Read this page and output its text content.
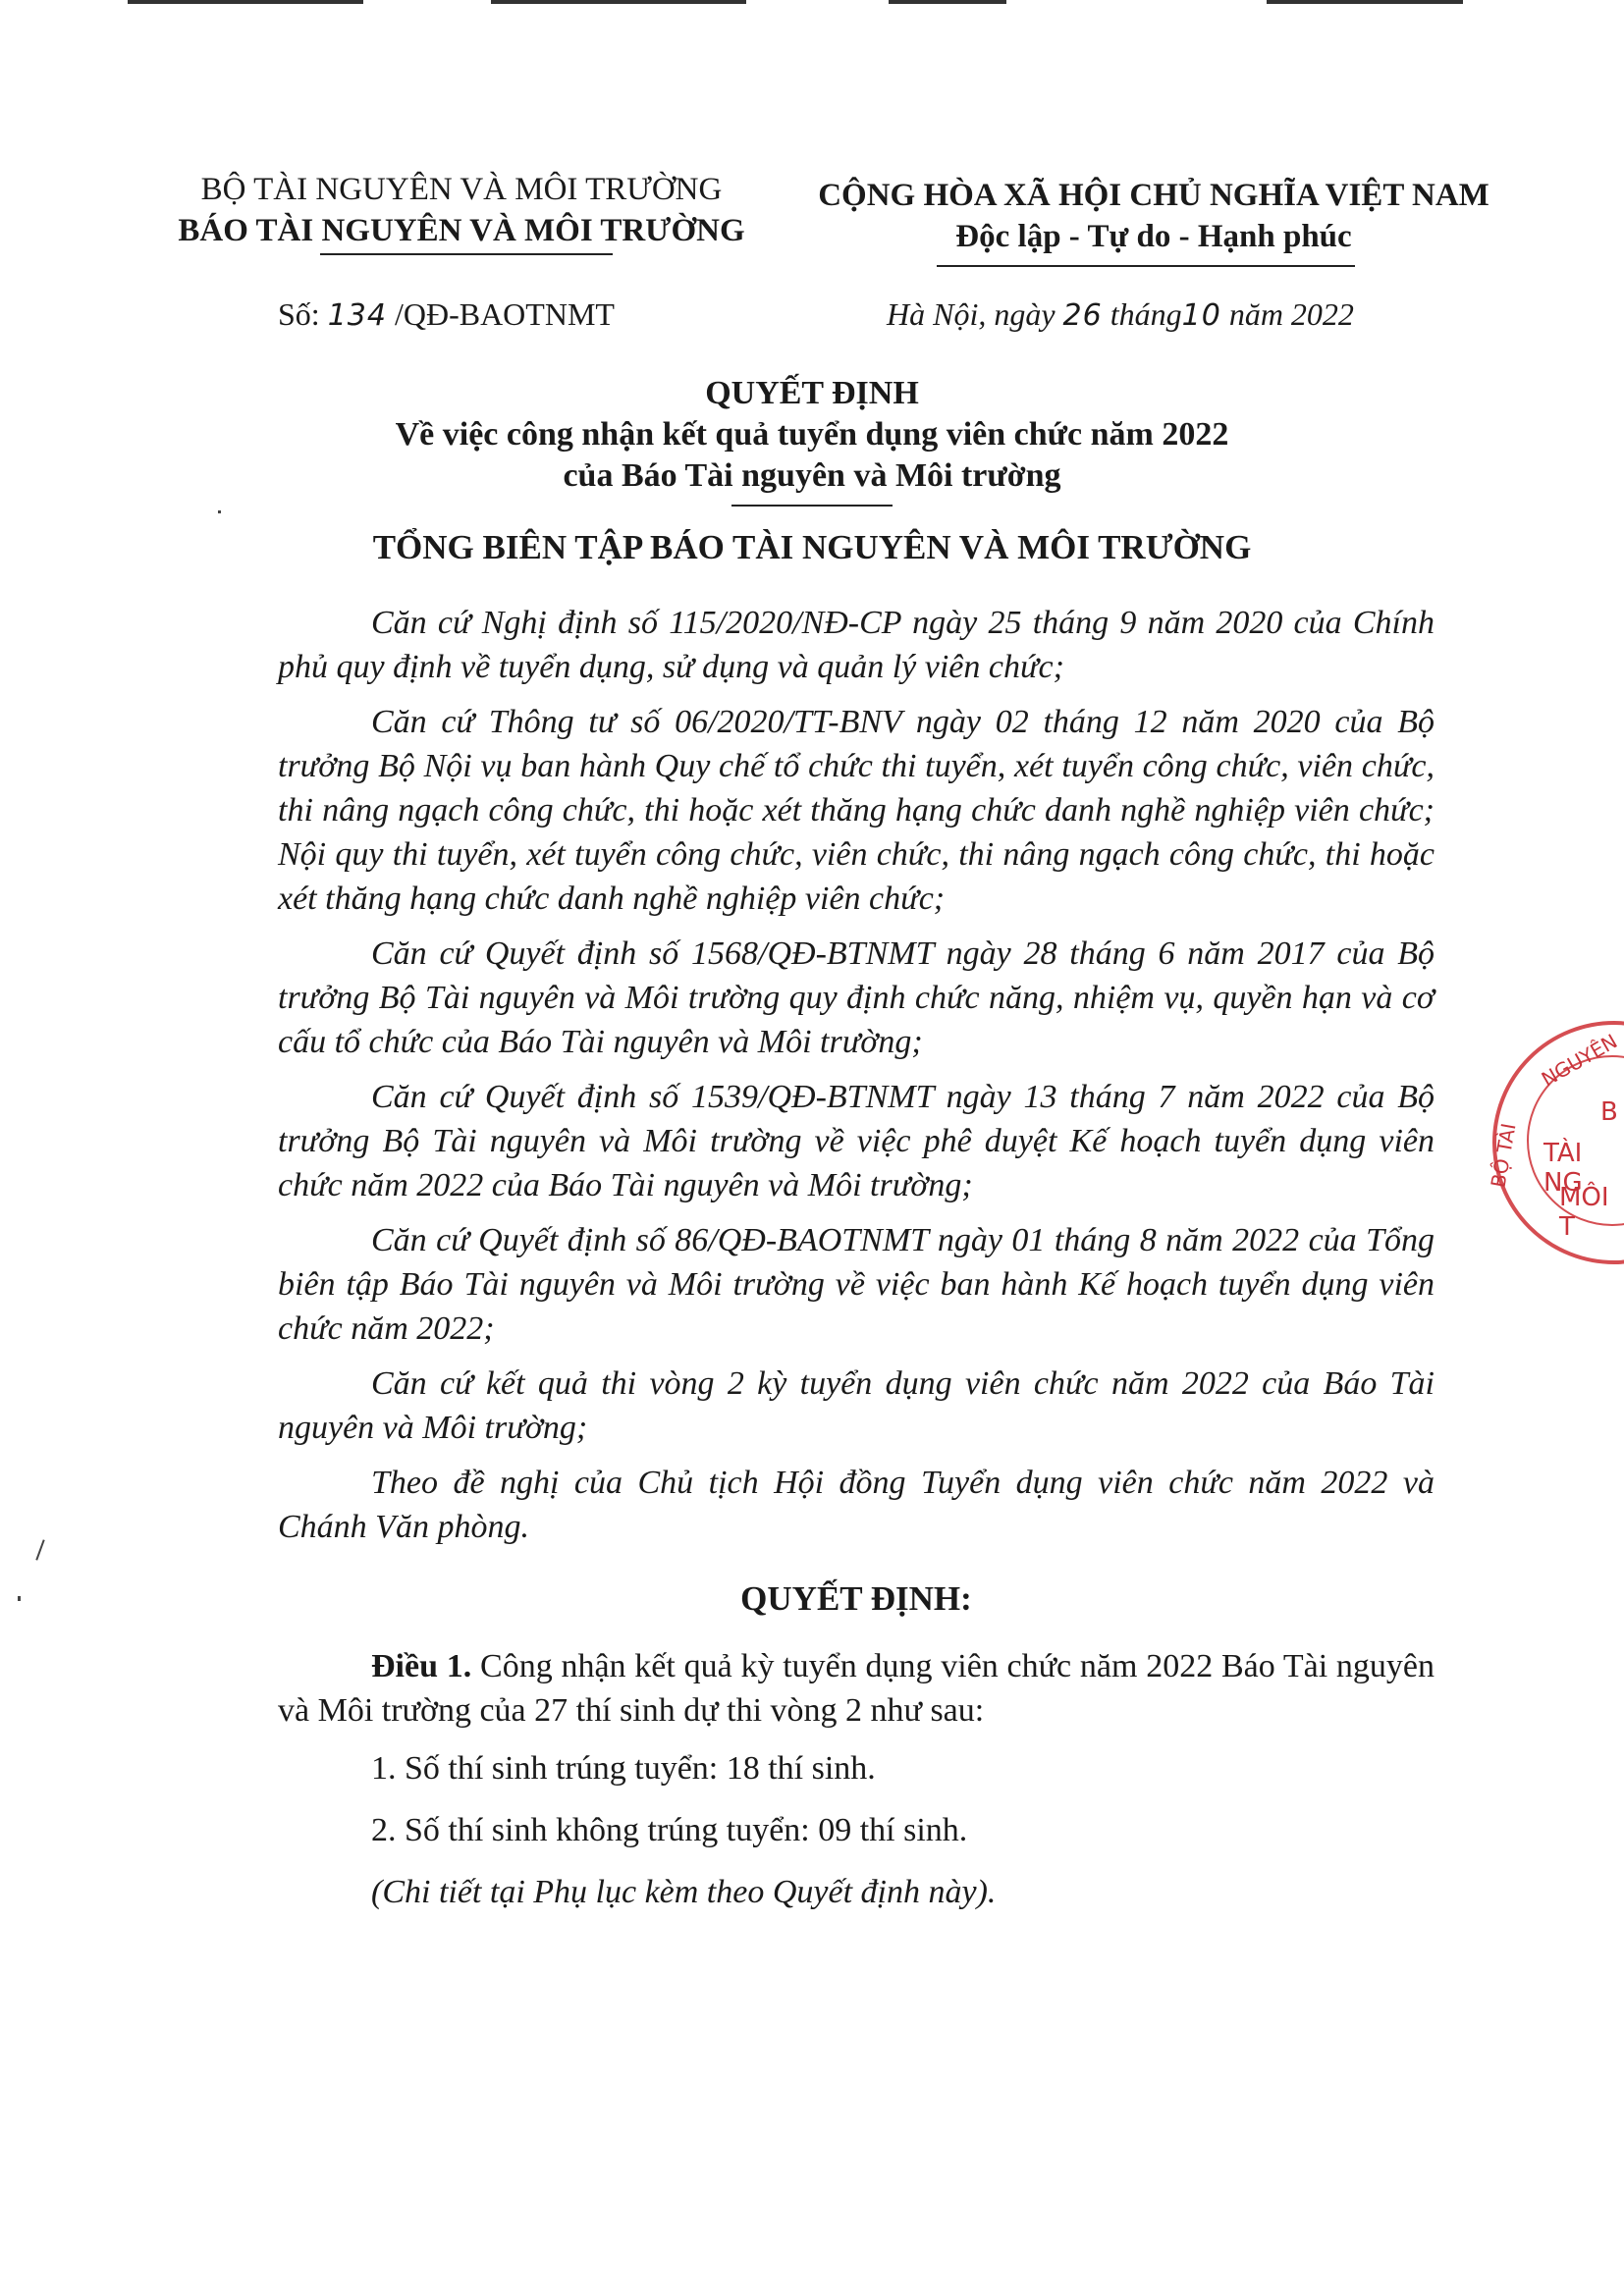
BỘ TÀI NGUYÊN VÀ MÔI TRƯỜNG
BÁO TÀI NGUYÊN VÀ MÔI TRƯỜNG
CỘNG HÒA XÃ HỘI CHỦ NGHĨA VIỆT NAM
Độc lập - Tự do - Hạnh phúc
Số: 134 /QĐ-BAOTNMT	Hà Nội, ngày 26 tháng10 năm 2022
QUYẾT ĐỊNH
Về việc công nhận kết quả tuyển dụng viên chức năm 2022
của Báo Tài nguyên và Môi trường
TỔNG BIÊN TẬP BÁO TÀI NGUYÊN VÀ MÔI TRƯỜNG

Căn cứ Nghị định số 115/2020/NĐ-CP ngày 25 tháng 9 năm 2020 của Chính phủ quy định về tuyển dụng, sử dụng và quản lý viên chức;

Căn cứ Thông tư số 06/2020/TT-BNV ngày 02 tháng 12 năm 2020 của Bộ trưởng Bộ Nội vụ ban hành Quy chế tổ chức thi tuyển, xét tuyển công chức, viên chức, thi nâng ngạch công chức, thi hoặc xét thăng hạng chức danh nghề nghiệp viên chức; Nội quy thi tuyển, xét tuyển công chức, viên chức, thi nâng ngạch công chức, thi hoặc xét thăng hạng chức danh nghề nghiệp viên chức;

Căn cứ Quyết định số 1568/QĐ-BTNMT ngày 28 tháng 6 năm 2017 của Bộ trưởng Bộ Tài nguyên và Môi trường quy định chức năng, nhiệm vụ, quyền hạn và cơ cấu tổ chức của Báo Tài nguyên và Môi trường;

Căn cứ Quyết định số 1539/QĐ-BTNMT ngày 13 tháng 7 năm 2022 của Bộ trưởng Bộ Tài nguyên và Môi trường về việc phê duyệt Kế hoạch tuyển dụng viên chức năm 2022 của Báo Tài nguyên và Môi trường;

Căn cứ Quyết định số 86/QĐ-BAOTNMT ngày 01 tháng 8 năm 2022 của Tổng biên tập Báo Tài nguyên và Môi trường về việc ban hành Kế hoạch tuyển dụng viên chức năm 2022;

Căn cứ kết quả thi vòng 2 kỳ tuyển dụng viên chức năm 2022 của Báo Tài nguyên và Môi trường;

Theo đề nghị của Chủ tịch Hội đồng Tuyển dụng viên chức năm 2022 và Chánh Văn phòng.

QUYẾT ĐỊNH:

Điều 1. Công nhận kết quả kỳ tuyển dụng viên chức năm 2022 Báo Tài nguyên và Môi trường của 27 thí sinh dự thi vòng 2 như sau:

1. Số thí sinh trúng tuyển: 18 thí sinh.

2. Số thí sinh không trúng tuyển: 09 thí sinh.

(Chi tiết tại Phụ lục kèm theo Quyết định này).

NGUYÊN
BỘ TÀI
B
TÀI NG
MÔI T
